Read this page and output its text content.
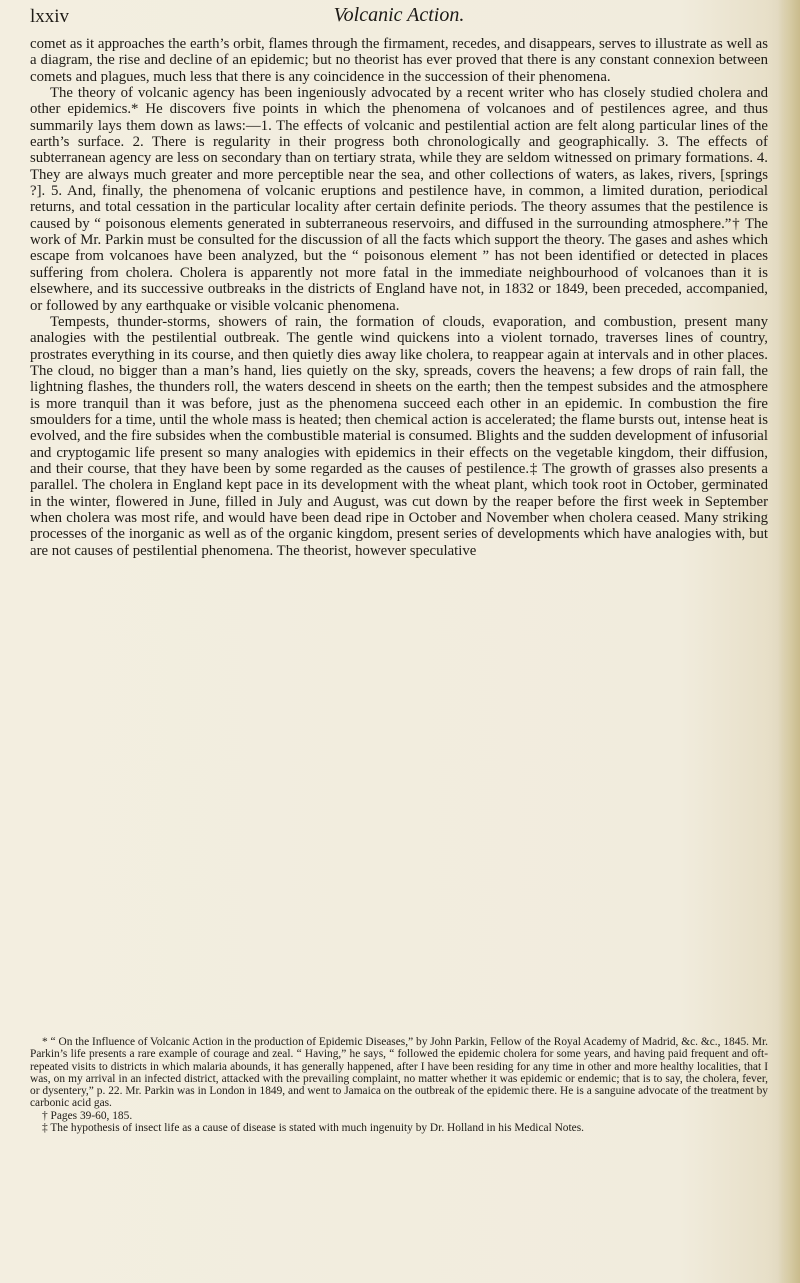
lxxiv	Volcanic Action.

comet as it approaches the earth’s orbit, flames through the firmament, recedes, and disappears, serves to illustrate as well as a diagram, the rise and decline of an epidemic; but no theorist has ever proved that there is any constant connexion between comets and plagues, much less that there is any coincidence in the succession of their phenomena.

The theory of volcanic agency has been ingeniously advocated by a recent writer who has closely studied cholera and other epidemics.* He discovers five points in which the phenomena of volcanoes and of pestilences agree, and thus summarily lays them down as laws:—1. The effects of volcanic and pestilential action are felt along particular lines of the earth’s surface. 2. There is regularity in their progress both chronologically and geographically. 3. The effects of subterranean agency are less on secondary than on tertiary strata, while they are seldom witnessed on primary formations. 4. They are always much greater and more perceptible near the sea, and other collections of waters, as lakes, rivers, [springs ?]. 5. And, finally, the phenomena of volcanic eruptions and pestilence have, in common, a limited duration, periodical returns, and total cessation in the particular locality after certain definite periods. The theory assumes that the pestilence is caused by “ poisonous elements generated in subterraneous reservoirs, and diffused in the surrounding atmosphere.”† The work of Mr. Parkin must be consulted for the discussion of all the facts which support the theory. The gases and ashes which escape from volcanoes have been analyzed, but the “ poisonous element ” has not been identified or detected in places suffering from cholera. Cholera is apparently not more fatal in the immediate neighbourhood of volcanoes than it is elsewhere, and its successive outbreaks in the districts of England have not, in 1832 or 1849, been preceded, accompanied, or followed by any earthquake or visible volcanic phenomena.

Tempests, thunder-storms, showers of rain, the formation of clouds, evaporation, and combustion, present many analogies with the pestilential outbreak. The gentle wind quickens into a violent tornado, traverses lines of country, prostrates everything in its course, and then quietly dies away like cholera, to reappear again at intervals and in other places. The cloud, no bigger than a man’s hand, lies quietly on the sky, spreads, covers the heavens; a few drops of rain fall, the lightning flashes, the thunders roll, the waters descend in sheets on the earth; then the tempest subsides and the atmosphere is more tranquil than it was before, just as the phenomena succeed each other in an epidemic. In combustion the fire smoulders for a time, until the whole mass is heated; then chemical action is accelerated; the flame bursts out, intense heat is evolved, and the fire subsides when the combustible material is consumed. Blights and the sudden development of infusorial and cryptogamic life present so many analogies with epidemics in their effects on the vegetable kingdom, their diffusion, and their course, that they have been by some regarded as the causes of pestilence.‡ The growth of grasses also presents a parallel. The cholera in England kept pace in its development with the wheat plant, which took root in October, germinated in the winter, flowered in June, filled in July and August, was cut down by the reaper before the first week in September when cholera was most rife, and would have been dead ripe in October and November when cholera ceased. Many striking processes of the inorganic as well as of the organic kingdom, present series of developments which have analogies with, but are not causes of pestilential phenomena. The theorist, however speculative

* “ On the Influence of Volcanic Action in the production of Epidemic Diseases,” by John Parkin, Fellow of the Royal Academy of Madrid, &c. &c., 1845. Mr. Parkin’s life presents a rare example of courage and zeal. “ Having,” he says, “ followed the epidemic cholera for some years, and having paid frequent and oft-repeated visits to districts in which malaria abounds, it has generally happened, after I have been residing for any time in other and more healthy localities, that I was, on my arrival in an infected district, attacked with the prevailing complaint, no matter whether it was epidemic or endemic; that is to say, the cholera, fever, or dysentery,” p. 22. Mr. Parkin was in London in 1849, and went to Jamaica on the outbreak of the epidemic there. He is a sanguine advocate of the treatment by carbonic acid gas.

† Pages 39-60, 185.

‡ The hypothesis of insect life as a cause of disease is stated with much ingenuity by Dr. Holland in his Medical Notes.
